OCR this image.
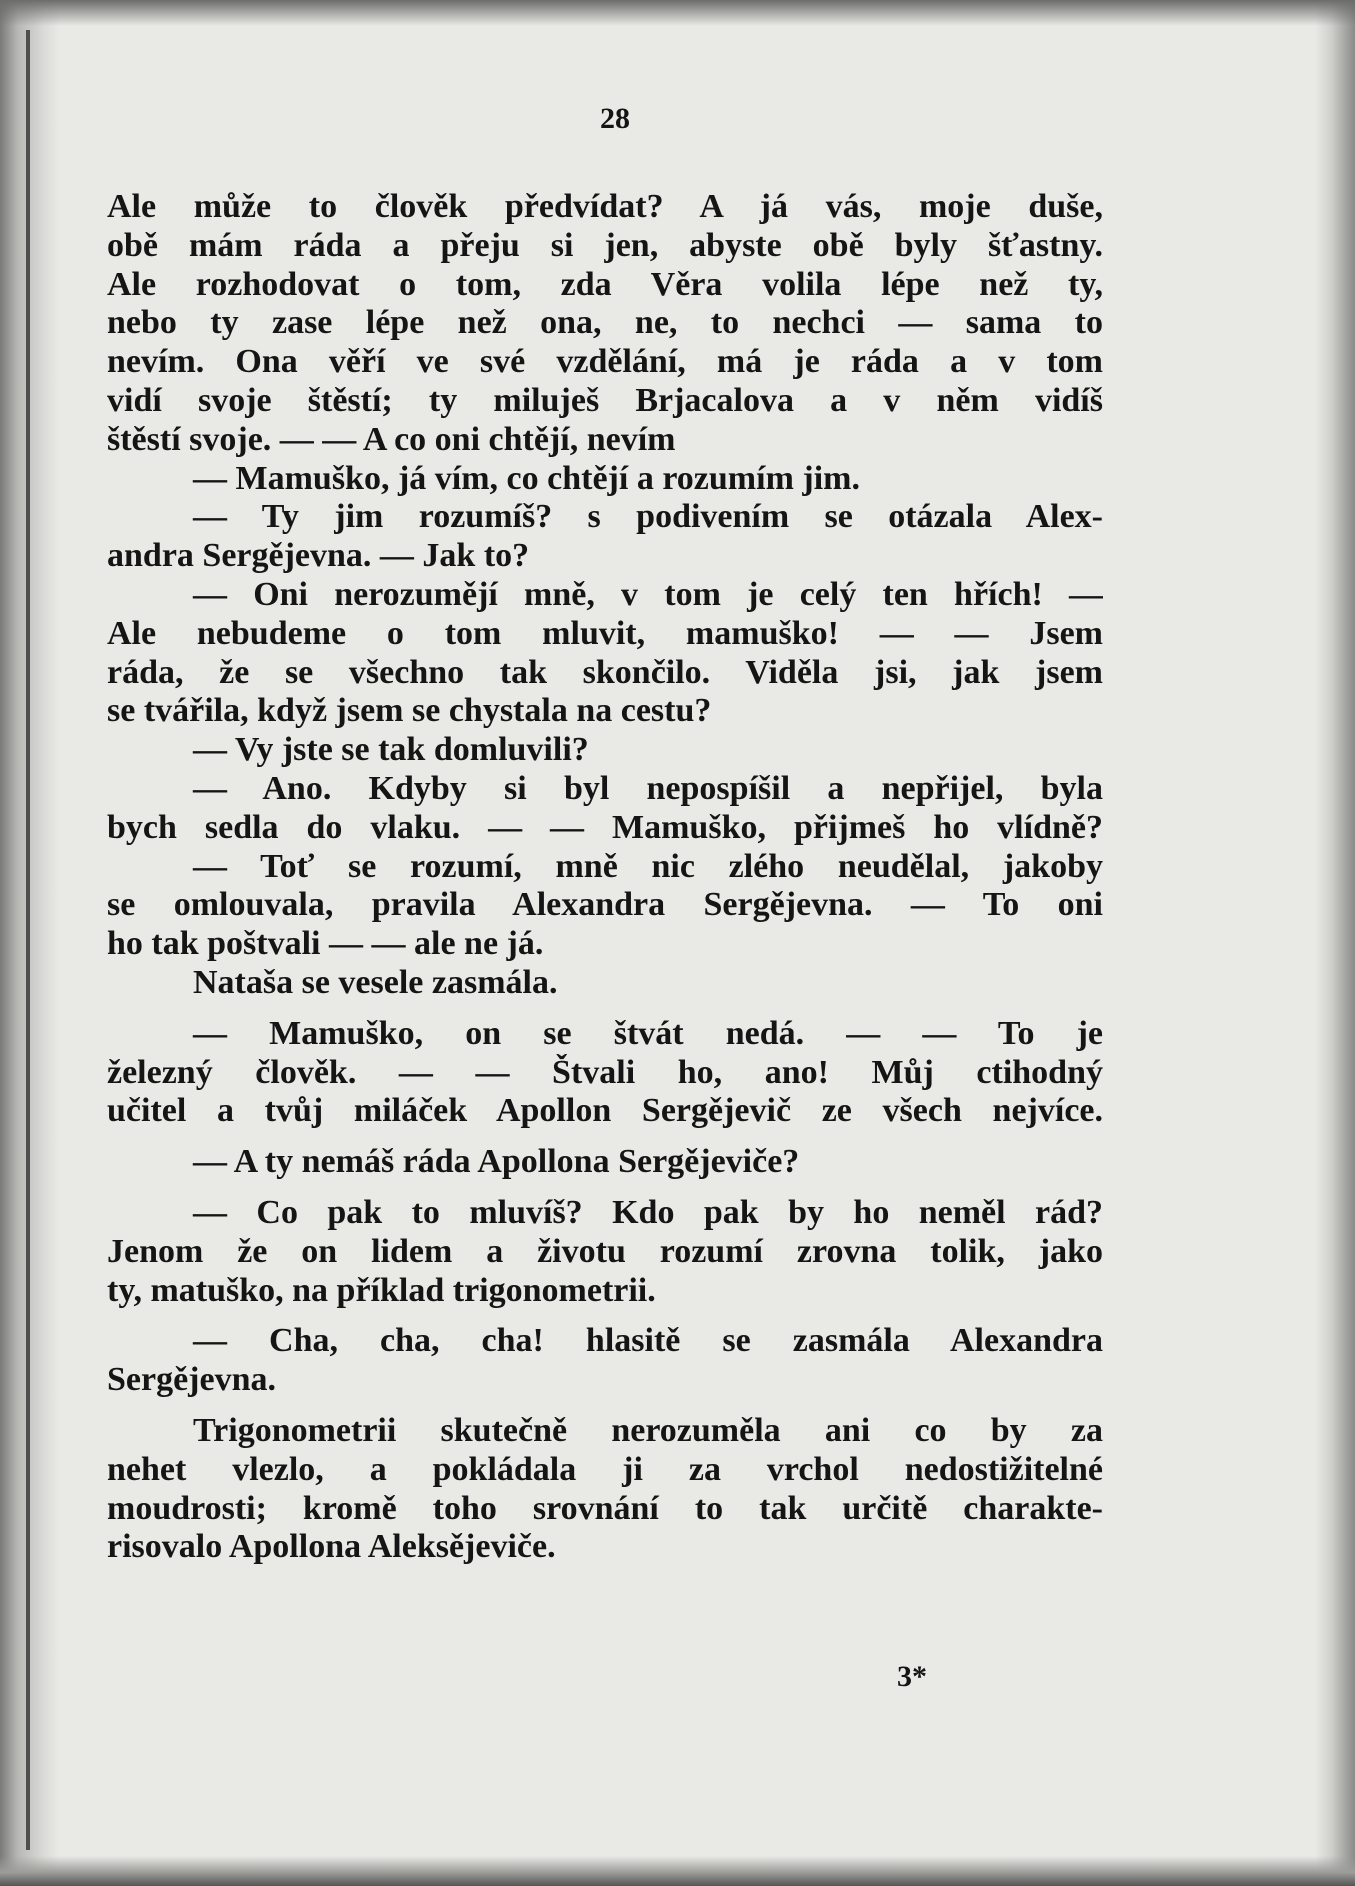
28
Ale může to člověk předvídat? A já vás, moje duše,
obě mám ráda a přeju si jen, abyste obě byly šťastny.
Ale rozhodovat o tom, zda Věra volila lépe než ty,
nebo ty zase lépe než ona, ne, to nechci — sama to
nevím. Ona věří ve své vzdělání, má je ráda a v tom
vidí svoje štěstí; ty miluješ Brjacalova a v něm vidíš
štěstí svoje. — — A co oni chtějí, nevím
— Mamuško, já vím, co chtějí a rozumím jim.
— Ty jim rozumíš? s podivením se otázala Alex-
andra Sergějevna. — Jak to?
— Oni nerozumějí mně, v tom je celý ten hřích! —
Ale nebudeme o tom mluvit, mamuško! — — Jsem
ráda, že se všechno tak skončilo. Viděla jsi, jak jsem
se tvářila, když jsem se chystala na cestu?
— Vy jste se tak domluvili?
— Ano. Kdyby si byl nepospíšil a nepřijel, byla
bych sedla do vlaku. — — Mamuško, přijmeš ho vlídně?
— Toť se rozumí, mně nic zlého neudělal, jakoby
se omlouvala, pravila Alexandra Sergějevna. — To oni
ho tak poštvali — — ale ne já.
Nataša se vesele zasmála.
— Mamuško, on se štvát nedá. — — To je
železný člověk. — — Štvali ho, ano! Můj ctihodný
učitel a tvůj miláček Apollon Sergějevič ze všech nejvíce.
— A ty nemáš ráda Apollona Sergějeviče?
— Co pak to mluvíš? Kdo pak by ho neměl rád?
Jenom že on lidem a životu rozumí zrovna tolik, jako
ty, matuško, na příklad trigonometrii.
— Cha, cha, cha! hlasitě se zasmála Alexandra
Sergějevna.
Trigonometrii skutečně nerozuměla ani co by za
nehet vlezlo, a pokládala ji za vrchol nedostižitelné
moudrosti; kromě toho srovnání to tak určitě charakte-
risovalo Apollona Aleksějeviče.
3*
